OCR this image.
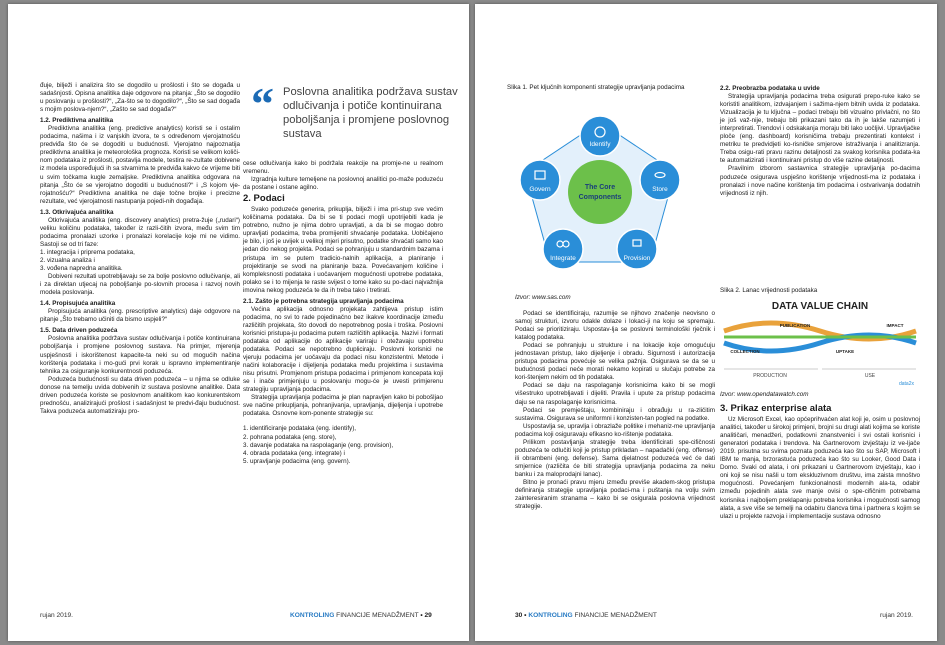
đuje, bilježi i analizira što se dogodilo u prošlosti i što se događa u sadašnjosti. Opisna analitika daje odgovore na pitanja: „Što se dogodilo u poslovanju u prošlosti?“, „Za-što se to dogodilo?“, „Što se sad događa s mojim poslova-njem?“, „Zašto se sad događa?“

1.2. Prediktivna analitika

Prediktivna analitika (eng. predictive analytics) koristi se i ostalim podacima, našima i iz vanjskih izvora, te s određenom vjerojatnošću predviđa što će se dogoditi u budućnosti. Vjerojatno najpoznatija prediktivna analitika je meteorološka prognoza. Koristi se velikom količi-nom podataka iz prošlosti, postavlja modele, testira re-zultate dobivene iz modela uspoređujući ih sa stvarnima te predviđa kakvo će vrijeme biti u svim točkama kugle zemaljske. Prediktivna analitika odgovara na pitanja „Što će se vjerojatno dogoditi u budućnosti?“ i „S kojom vje-rojatnošću?“ Prediktivna analitika ne daje točne brojke i precizne rezultate, već vjerojatnosti nastupanja pojedi-nih događaja.

1.3. Otkrivajuća analitika

Otkrivajuća analitika (eng. discovery analytics) pretra-žuje („rudari“) veliku količinu podataka, također iz razli-čitih izvora, među svim tim podacima pronalazi uzorke i pronalazi korelacije koje mi ne vidimo. Sastoji se od tri faze:

1. integracija i priprema podataka,

2. vizualna analiza i

3. vođena napredna analitika.

Dobiveni rezultati upotrebljavaju se za bolje poslovno odlučivanje, ali i za direktan utjecaj na poboljšanje po-slovnih procesa i razvoj novih modela poslovanja.

1.4. Propisujuća analitika

Propisujuća analitika (eng. prescriptive analytics) daje odgovore na pitanje „Što trebamo učiniti da bismo uspjeli?“

1.5. Data driven poduzeća

Poslovna analitika podržava sustav odlučivanja i potiče kontinuirana poboljšanja i promjene poslovnog sustava. Na primjer, mjerenja uspješnosti i iskorištenost kapacite-ta neki su od mogućih načina korištenja podataka i mo-gući prvi korak u ispravno implementiranje tehnika za osiguranje konkurentnosti poduzeća.

Poduzeća budućnosti su data driven poduzeća – u njima se odluke donose na temelju uvida dobivenih iz sustava poslovne analitike. Data driven poduzeća koriste se poslovnom analitikom kao konkurentskom prednošću, analizirajući prošlost i sadašnjost te predvi-đaju budućnost. Takva poduzeća automatiziraju pro-

“ Poslovna analitika podržava sustav odlučivanja i potiče kontinuirana poboljšanja i promjene poslovnog sustava

cese odlučivanja kako bi podržala reakcije na promje-ne u realnom vremenu.

Izgradnja kulture temeljene na poslovnoj analitici po-maže poduzeću da postane i ostane agilno.

2. Podaci

Svako poduzeće generira, prikuplja, bilježi i ima pri-stup sve većim količinama podataka. Da bi se ti podaci mogli upotrijebiti kada je potrebno, nužno je njima dobro upravljati, a da bi se mogao dobro upravljati podacima, treba promijeniti shvaćanje podataka. Uobičajeno je bilo, i još je uvijek u velikoj mjeri prisutno, podatke shvaćati samo kao jedan dio nekog projekta. Podaci se pohranjuju u standardnim bazama i pristupa im se putem tradicio-nalnih aplikacija, a planiranje i projektiranje se svodi na planiranje baza. Povećavanjem količine i kompleksnosti podataka i uočavanjem mogućnosti upotrebe podataka, polako se i to mijenja te raste svijest o tome kako su po-daci najvažnija imovina nekog poduzeća te da ih treba tako i tretirati.

2.1. Zašto je potrebna strategija upravljanja podacima

Većina aplikacija odnosno projekata zahtijeva pristup istim podacima, no svi to rade pojedinačno bez ikakve koordinacije između različitih projekata, što dovodi do nepotrebnog posla i troška. Poslovni korisnici pristupa-ju podacima putem različitih aplikacija. Nazivi i formati podataka od aplikacije do aplikacije variraju i otežavaju upotrebu podataka. Podaci se nepotrebno dupliciraju. Poslovni korisnici ne vjeruju podacima jer uočavaju da podaci nisu konzistentni. Metode i načini kolaboracije i dijeljenja podataka među projektima i sustavima nisu prisutni. Promjenom pristupa podacima i primjenom koncepata koji se i inače primjenjuju u poslovanju mogu-će je uvesti primjerenu strategiju upravljanja podacima.

Strategija upravljanja podacima je plan napravljen kako bi pobošljao sve načine prikupljanja, pohranjivanja, upravljanja, dijeljenja i upotrebe podataka. Osnovne kom-ponente strategije su:

1. identificiranje podataka (eng. identify),

2. pohrana podataka (eng. store),

3. davanje podataka na raspolaganje (eng. provision),

4. obrada podataka (eng. integrate) i

5. upravljanje podacima (eng. govern).

rujan 2019.	KONTROLING FINANCIJE MENADŽMENT • 29
Slika 1. Pet ključnih komponenti strategije upravljanja podacima
The Core
Components
Identify
Store
Provision
Integrate
Govern
Izvor: www.sas.com

Podaci se identificiraju, razumije se njihovo značenje neovisno o samoj strukturi, izvoru odakle dolaze i lokaci-ji na koju se spremaju. Podaci se prioritiziraju. Uspostav-lja se poslovni terminološki rječnik i katalog podataka.

Podaci se pohranjuju u strukture i na lokacije koje omogućuju jednostavan pristup, lako dijeljenje i obradu. Sigurnosti i autorizacija pristupa podacima povećuje se velika pažnja. Osigurava se da se u budućnosti podaci neće morati nekamo kopirati u slučaju potrebe za kori-štenjem nekim od tih podataka.

Podaci se daju na raspolaganje korisnicima kako bi se mogli višestruko upotrebljavati i dijeliti. Pravila i upute za pristup podacima daju se na raspolaganje korisnicima.

Podaci se premještaju, kombiniraju i obrađuju u ra-zličitim sustavima. Osigurava se uniformni i konzisten-tan pogled na podatke.

Uspostavlja se, upravlja i obrazlaže politike i mehaniz-me upravljanja podacima koji osiguravaju efikasno ko-rištenje podataka.

Prilikom postavljanja strategije treba identificirati spe-cifičnosti poduzeća te odlučiti koji je pristup prikladan – napadački (eng. offense) ili obrambeni (eng. defense). Sama djelatnost poduzeća već će dati smjernice (različita će biti strategija upravljanja podacima za neku banku i za maloprodajni lanac).

Bitno je pronaći pravu mjeru između previše akadem-skog pristupa definiranja strategije upravljanja podaci-ma i puštanja na volju svim zainteresiranim stranama – kako bi se osigurala poslovna vrijednost strategije.

2.2. Preobrazba podataka u uvide

Strategija upravljanja podacima treba osigurati prepo-ruke kako se koristiti analitikom, izdvajanjem i sažima-njem bitnih uvida iz podataka. Vizualizacija je tu ključna – podaci trebaju biti vizualno privlačni, no što je još važ-nije, trebaju biti prikazani tako da ih je lakše razumjeti i interpretirati. Trendovi i odskakanja moraju biti lako uočljivi. Upravljačke ploče (eng. dashboard) korisničima trebaju prezentirati kontekst i metriku te predvidjeti ko-risničke smjerove istraživanja i analitizranja. Treba osigu-rati pravu razinu detaljnosti za svakog korisnika podata-ka te automatizirati i kontinuirani pristup do više razine detaljnosti.

Pravilnim izborom sastavnica strategije upravljanja po-dacima poduzeće osigurava uspješno korištenje vrijednosti-ma iz podataka i pronalazi i nove načine korištenja tim podacima i ostvarivanja dodatnih vrijednosti iz njih.

Slika 2. Lanac vrijednosti podataka
DATA VALUE CHAIN
COLLECTION
PUBLICATION
UPTAKE
IMPACT
PRODUCTION	USE
data2x
Izvor: www.opendatawatch.com
3. Prikaz enterprise alata

Uz Microsoft Excel, kao općeprihvaćen alat koji je, osim u poslovnoj analitici, također u širokoj primjeni, brojni su drugi alati kojima se koriste analitičari, menadžeri, podatkovni znanstvenici i svi ostali korisnici i generatori podataka i trendova. Na Gartnerovom izvještaju iz ve-ljače 2019. prisutna su svima poznata poduzeća kao što su SAP, Microsoft i IBM te manja, brzorastuća poduzeća kao što su Looker, Good Data i Domo. Svaki od alata, i oni prikazani u Gartnerovom izvještaju, kao i oni koji se nisu našli u tom ekskluzivnom društvu, ima zaista mnoštvo mogućnosti. Povećanjem funkcionalnosti modernih ala-ta, odabir između pojedinih alata sve manje ovisi o spe-cifičnim potrebama korisnika i najboljem preklapanju potreba korisnika i mogućnosti samog alata, a sve više se temelji na odabiru člancva tima i partnera s kojim se ulazi u projekte razvoja i implementacije sustava odnosno

30 • KONTROLING FINANCIJE MENADŽMENT	rujan 2019.
